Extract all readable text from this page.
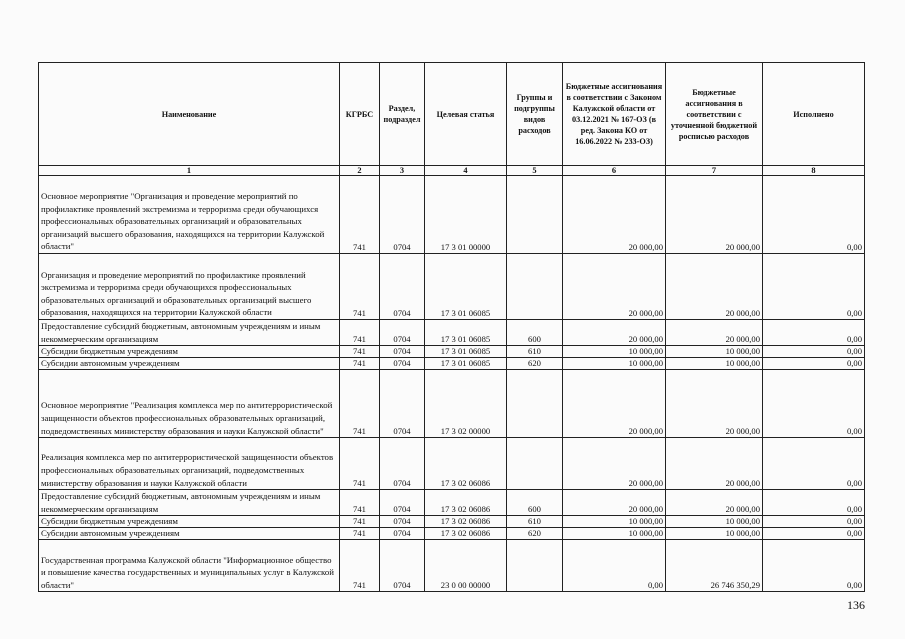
Наименование	КГРБС	Раздел, подраздел	Целевая статья	Группы и подгруппы видов расходов	Бюджетные ассигнования в соответствии с Законом Калужской области от 03.12.2021 № 167-ОЗ (в ред. Закона КО от 16.06.2022 № 233-ОЗ)	Бюджетные ассигнования в соответствии с уточненной бюджетной росписью расходов	Исполнено
1	2	3	4	5	6	7	8
Основное мероприятие "Организация и проведение мероприятий по профилактике проявлений экстремизма и терроризма среди обучающихся профессиональных образовательных организаций и образовательных организаций высшего образования, находящихся на территории Калужской области"	741	0704	17 3 01 00000		20 000,00	20 000,00	0,00
Организация и проведение мероприятий по профилактике проявлений экстремизма и терроризма среди обучающихся профессиональных образовательных организаций и образовательных организаций высшего образования, находящихся на территории Калужской области	741	0704	17 3 01 06085		20 000,00	20 000,00	0,00
Предоставление субсидий бюджетным, автономным учреждениям и иным некоммерческим организациям	741	0704	17 3 01 06085	600	20 000,00	20 000,00	0,00
Субсидии бюджетным учреждениям	741	0704	17 3 01 06085	610	10 000,00	10 000,00	0,00
Субсидии автономным учреждениям	741	0704	17 3 01 06085	620	10 000,00	10 000,00	0,00
Основное мероприятие "Реализация комплекса мер по антитеррористической защищенности объектов профессиональных образовательных организаций, подведомственных министерству образования и науки Калужской области"	741	0704	17 3 02 00000		20 000,00	20 000,00	0,00
Реализация комплекса мер по антитеррористической защищенности объектов профессиональных образовательных организаций, подведомственных министерству образования и науки Калужской области	741	0704	17 3 02 06086		20 000,00	20 000,00	0,00
Предоставление субсидий бюджетным, автономным учреждениям и иным некоммерческим организациям	741	0704	17 3 02 06086	600	20 000,00	20 000,00	0,00
Субсидии бюджетным учреждениям	741	0704	17 3 02 06086	610	10 000,00	10 000,00	0,00
Субсидии автономным учреждениям	741	0704	17 3 02 06086	620	10 000,00	10 000,00	0,00
Государственная программа Калужской области "Информационное общество и повышение качества государственных и муниципальных услуг в Калужской области"	741	0704	23 0 00 00000		0,00	26 746 350,29	0,00
136
